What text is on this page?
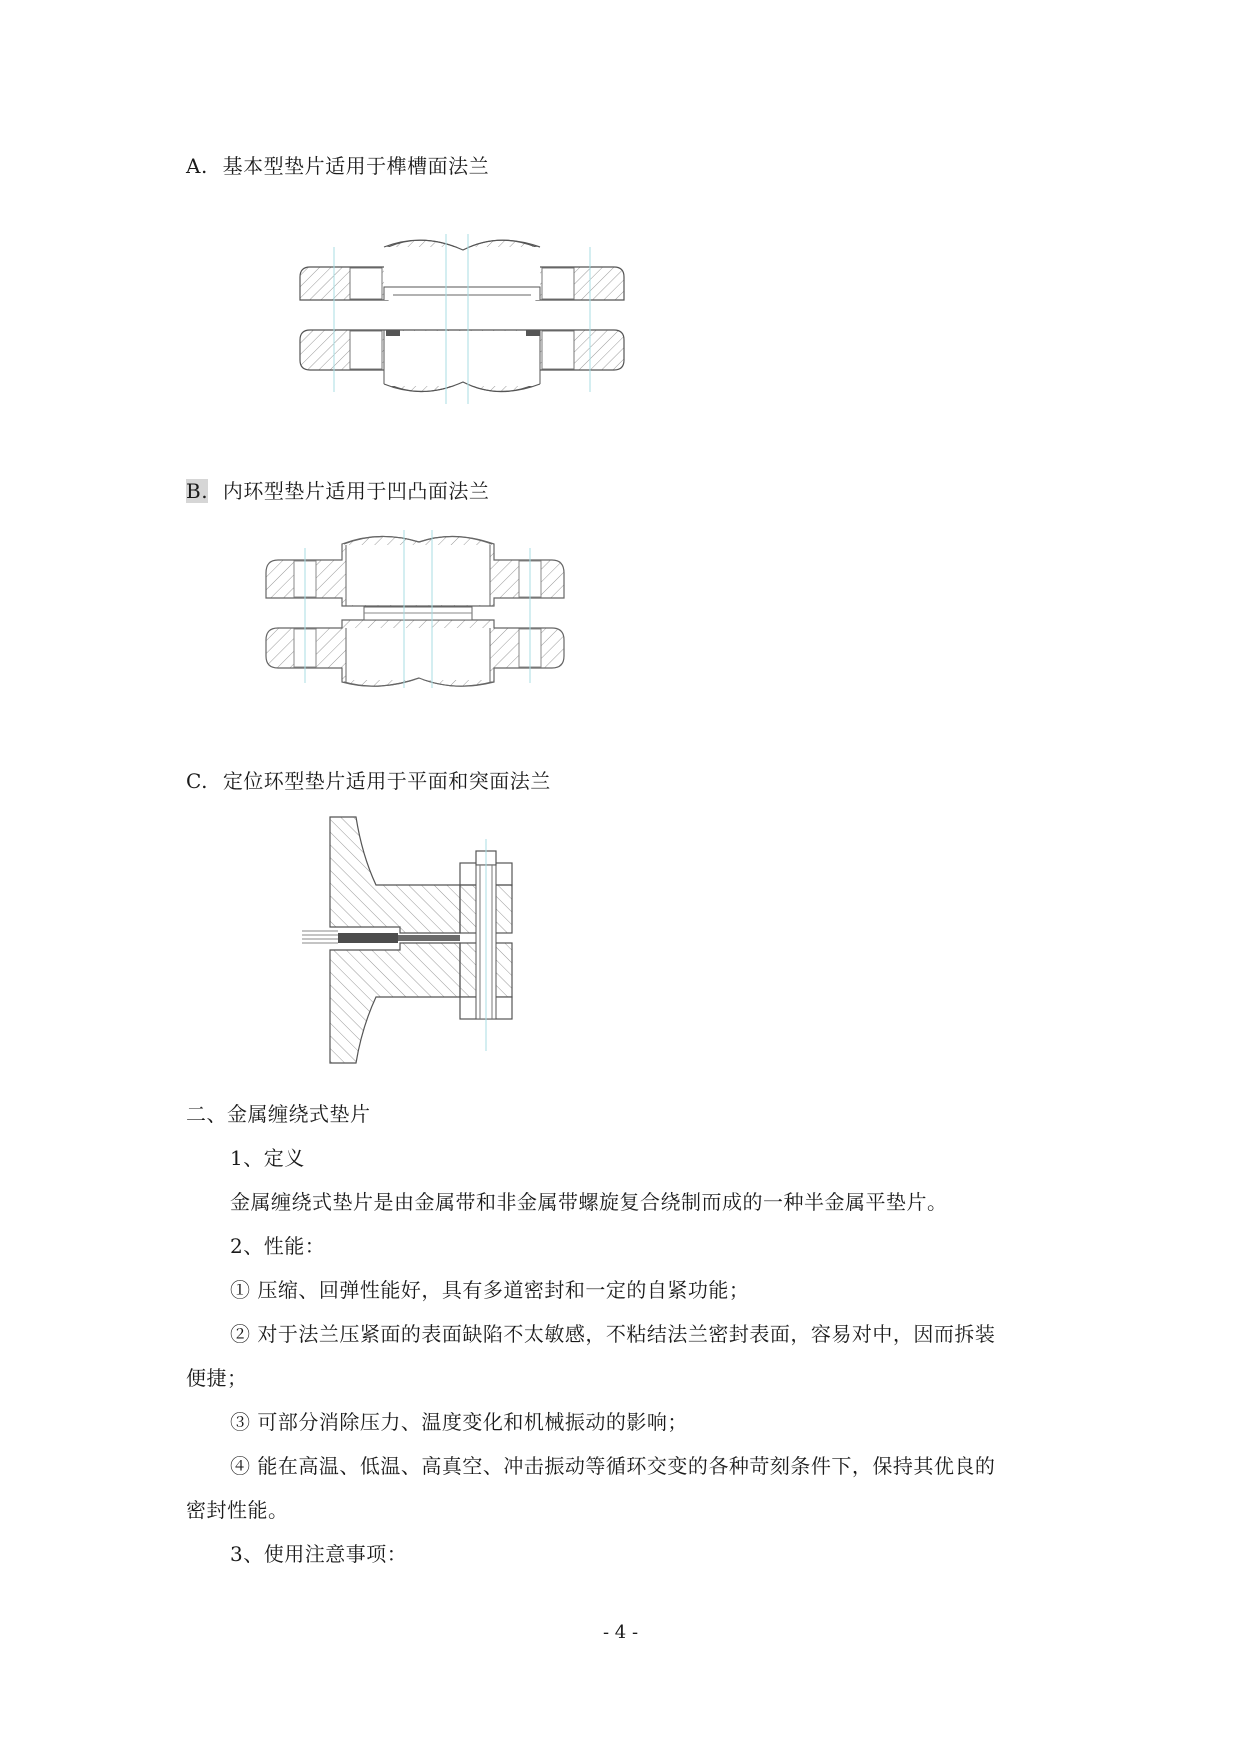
A. 基本型垫片适用于榫槽面法兰
B. 内环型垫片适用于凹凸面法兰
C. 定位环型垫片适用于平面和突面法兰
二、金属缠绕式垫片
1、定义
金属缠绕式垫片是由金属带和非金属带螺旋复合绕制而成的一种半金属平垫片。
2、性能：
① 压缩、回弹性能好，具有多道密封和一定的自紧功能；
② 对于法兰压紧面的表面缺陷不太敏感，不粘结法兰密封表面，容易对中，因而拆装
便捷；
③ 可部分消除压力、温度变化和机械振动的影响；
④ 能在高温、低温、高真空、冲击振动等循环交变的各种苛刻条件下，保持其优良的
密封性能。
3、使用注意事项：
- 4 -
